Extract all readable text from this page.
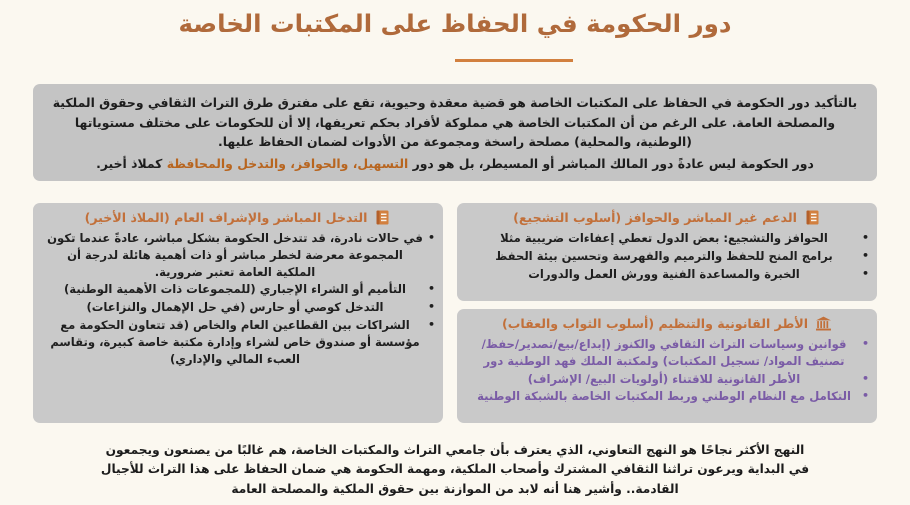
دور الحكومة في الحفاظ على المكتبات الخاصة

بالتأكيد دور الحكومة في الحفاظ على المكتبات الخاصة هو قضية معقدة وحيوية، تقع على مفترق طرق التراث الثقافي وحقوق الملكية والمصلحة العامة. على الرغم من أن المكتبات الخاصة هي مملوكة لأفراد بحكم تعريفها، إلا أن للحكومات على مختلف مستوياتها (الوطنية، والمحلية) مصلحة راسخة ومجموعة من الأدوات لضمان الحفاظ عليها.

دور الحكومة ليس عادةً دور المالك المباشر أو المسيطر، بل هو دور التسهيل، والحوافز، والتدخل والمحافظة كملاذ أخير.

الدعم غير المباشر والحوافز (أسلوب التشجيع)
• الحوافز والتشجيع: بعض الدول تعطي إعفاءات ضريبية مثلا
• برامج المنح للحفظ والترميم والفهرسة وتحسين بيئة الحفظ
• الخبرة والمساعدة الفنية وورش العمل والدورات
الأطر القانونية والتنظيم (أسلوب الثواب والعقاب)
• قوانين وسياسات التراث الثقافي والكنوز (إبداع/بيع/تصدير/حفظ/ تصنيف المواد/ تسجيل المكتبات) ولمكتبة الملك فهد الوطنية دور
• الأطر القانونية للاقتناء (أولويات البيع/ الإشراف)
• التكامل مع النظام الوطني وربط المكتبات الخاصة بالشبكة الوطنية
التدخل المباشر والإشراف العام (الملاذ الأخير)
• في حالات نادرة، قد تتدخل الحكومة بشكل مباشر، عادةً عندما تكون المجموعة معرضة لخطر مباشر أو ذات أهمية هائلة لدرجة أن الملكية العامة تعتبر ضرورية.
• التأميم أو الشراء الإجباري (للمجموعات ذات الأهمية الوطنية)
• التدخل كوصي أو حارس (في حل الإهمال والنزاعات)
• الشراكات بين القطاعين العام والخاص (قد تتعاون الحكومة مع مؤسسة أو صندوق خاص لشراء وإدارة مكتبة خاصة كبيرة، وتقاسم العبء المالي والإداري)

النهج الأكثر نجاحًا هو النهج التعاوني، الذي يعترف بأن جامعي التراث والمكتبات الخاصة، هم غالبًا من يصنعون ويجمعون في البداية ويرعون تراثنا الثقافي المشترك وأصحاب الملكية، ومهمة الحكومة هي ضمان الحفاظ على هذا التراث للأجيال القادمة.. وأشير هنا أنه لابد من الموازنة بين حقوق الملكية والمصلحة العامة
